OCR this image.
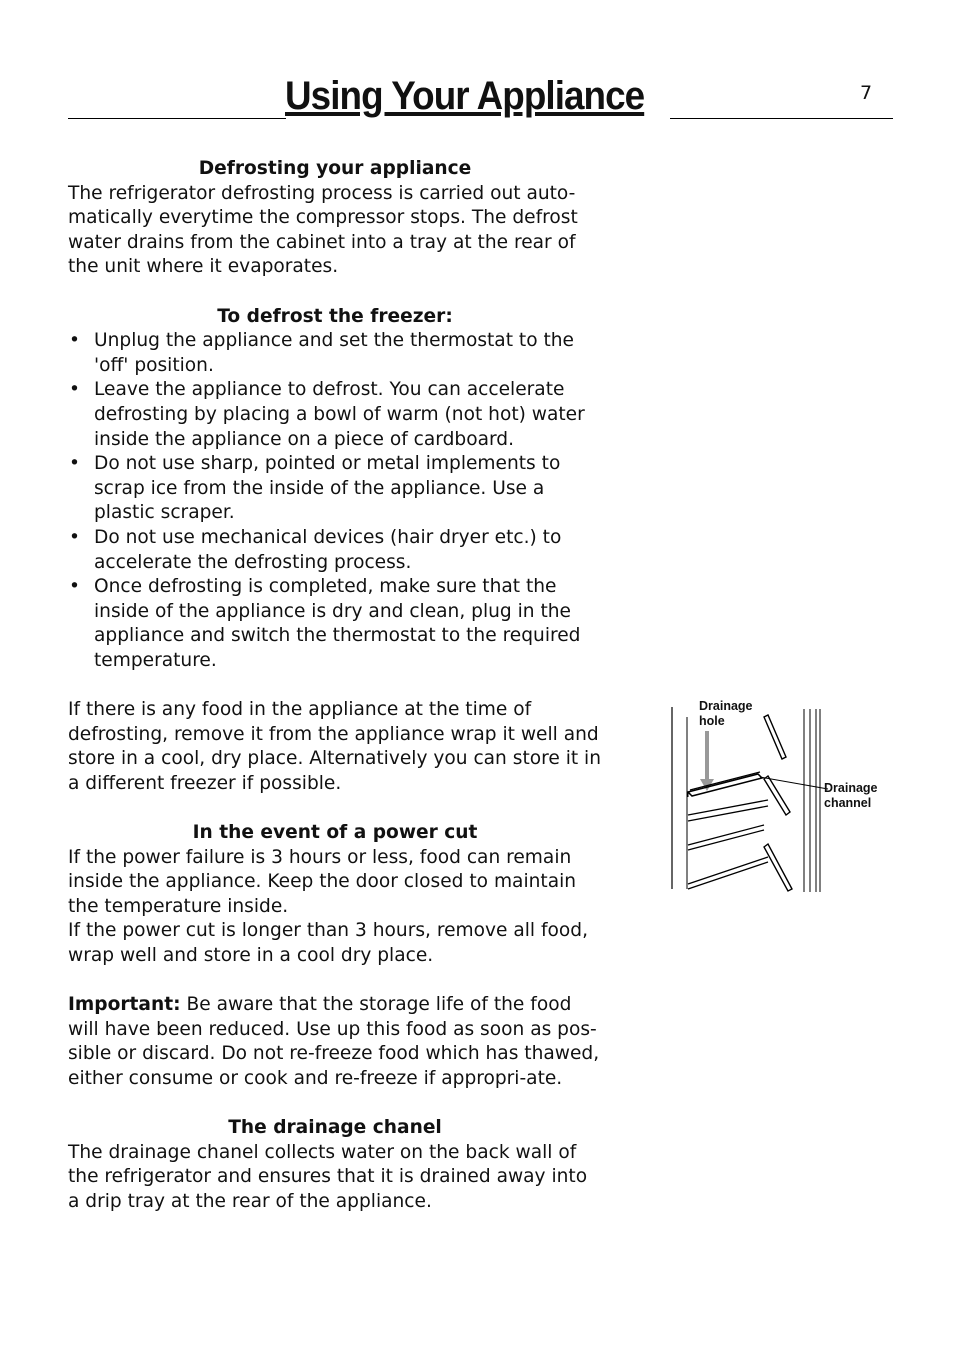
Using Your Appliance	7

Defrosting your appliance

The refrigerator defrosting process is carried out auto-matically everytime the compressor stops. The defrost water drains from the cabinet into a tray at the rear of the unit where it evaporates.

To defrost the freezer:

• Unplug the appliance and set the thermostat to the 'off' position.
• Leave the appliance to defrost. You can accelerate defrosting by placing a bowl of warm (not hot) water inside the appliance on a piece of cardboard.
• Do not use sharp, pointed or metal implements to scrap ice from the inside of the appliance. Use a plastic scraper.
• Do not use mechanical devices (hair dryer etc.) to accelerate the defrosting process.
• Once defrosting is completed, make sure that the inside of the appliance is dry and clean, plug in the appliance and switch the thermostat to the required temperature.

If there is any food in the appliance at the time of defrosting, remove it from the appliance wrap it well and store in a cool, dry place. Alternatively you can store it in a different freezer if possible.

In the event of a power cut

If the power failure is 3 hours or less, food can remain inside the appliance. Keep the door closed to maintain the temperature inside.

If the power cut is longer than 3 hours, remove all food, wrap well and store in a cool dry place.

Important: Be aware that the storage life of the food will have been reduced. Use up this food as soon as pos-sible or discard. Do not re-freeze food which has thawed, either consume or cook and re-freeze if appropri-ate.

The drainage chanel

The drainage chanel collects water on the back wall of the refrigerator and ensures that it is drained away into a drip tray at the rear of the appliance.

Drainage
hole
Drainage
channel
